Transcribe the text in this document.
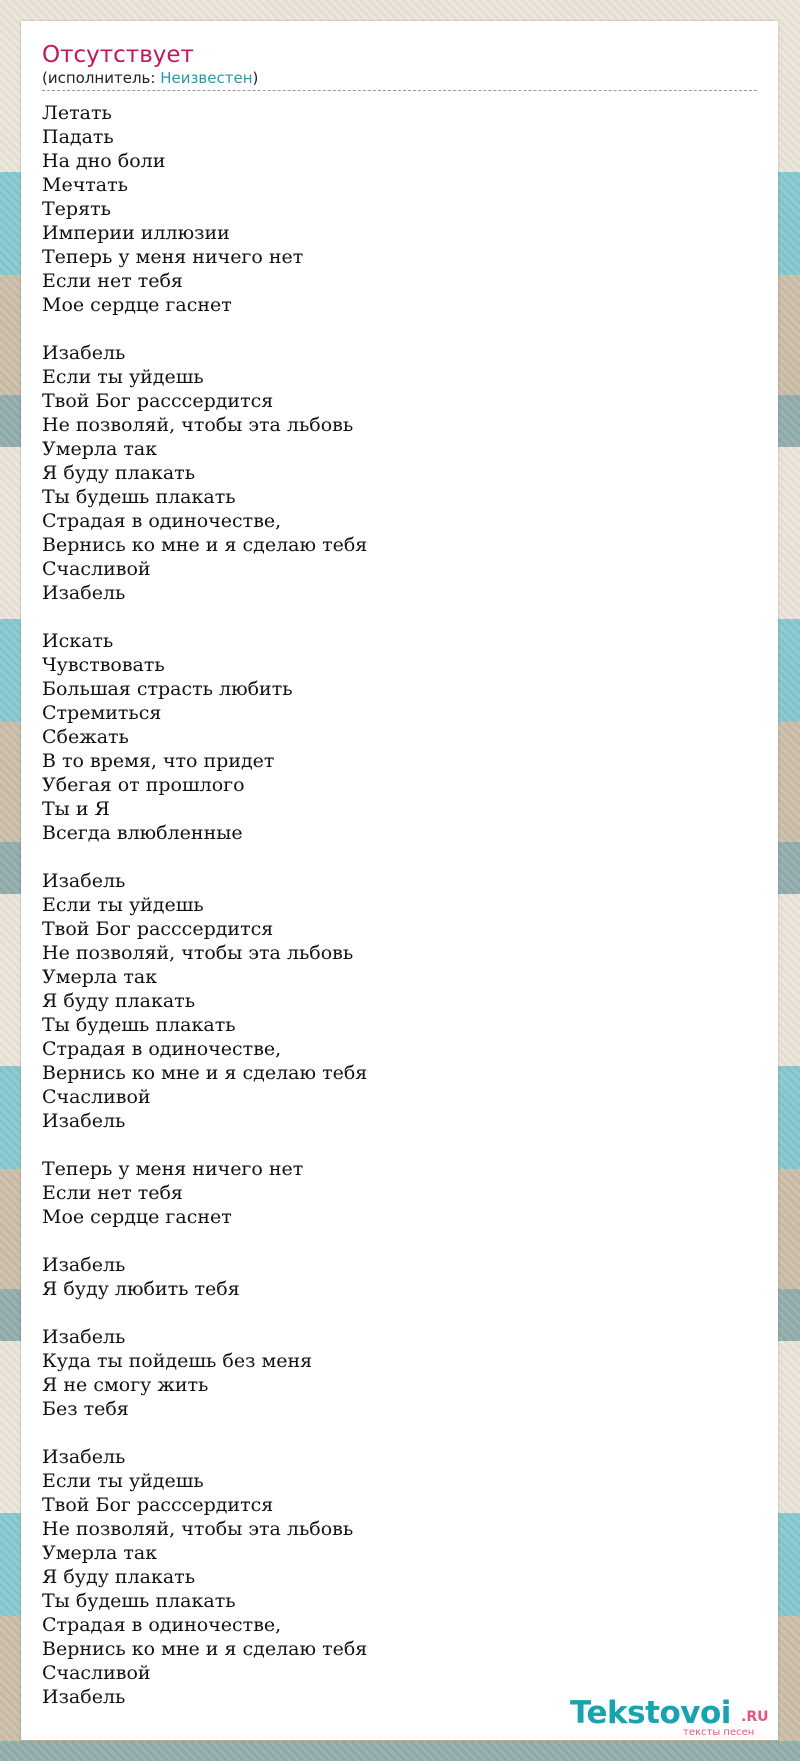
Отсутствует
(исполнитель: Неизвестен)
Летать
Падать
На дно боли
Мечтать
Терять
Империи иллюзии
Теперь у меня ничего нет
Если нет тебя
Мое сердце гаснет
Изабель
Если ты уйдешь
Твой Бог расссердится
Не позволяй, чтобы эта льбовь
Умерла так
Я буду плакать
Ты будешь плакать
Страдая в одиночестве,
Вернись ко мне и я сделаю тебя
Счасливой
Изабель
Искать
Чувствовать
Большая страсть любить
Стремиться
Сбежать
В то время, что придет
Убегая от прошлого
Ты и Я
Всегда влюбленные
Изабель
Если ты уйдешь
Твой Бог расссердится
Не позволяй, чтобы эта льбовь
Умерла так
Я буду плакать
Ты будешь плакать
Страдая в одиночестве,
Вернись ко мне и я сделаю тебя
Счасливой
Изабель
Теперь у меня ничего нет
Если нет тебя
Мое сердце гаснет
Изабель
Я буду любить тебя
Изабель
Куда ты пойдешь без меня
Я не смогу жить
Без тебя
Изабель
Если ты уйдешь
Твой Бог расссердится
Не позволяй, чтобы эта льбовь
Умерла так
Я буду плакать
Ты будешь плакать
Страдая в одиночестве,
Вернись ко мне и я сделаю тебя
Счасливой
Изабель	Tekstovoi .RU
тексты песен
